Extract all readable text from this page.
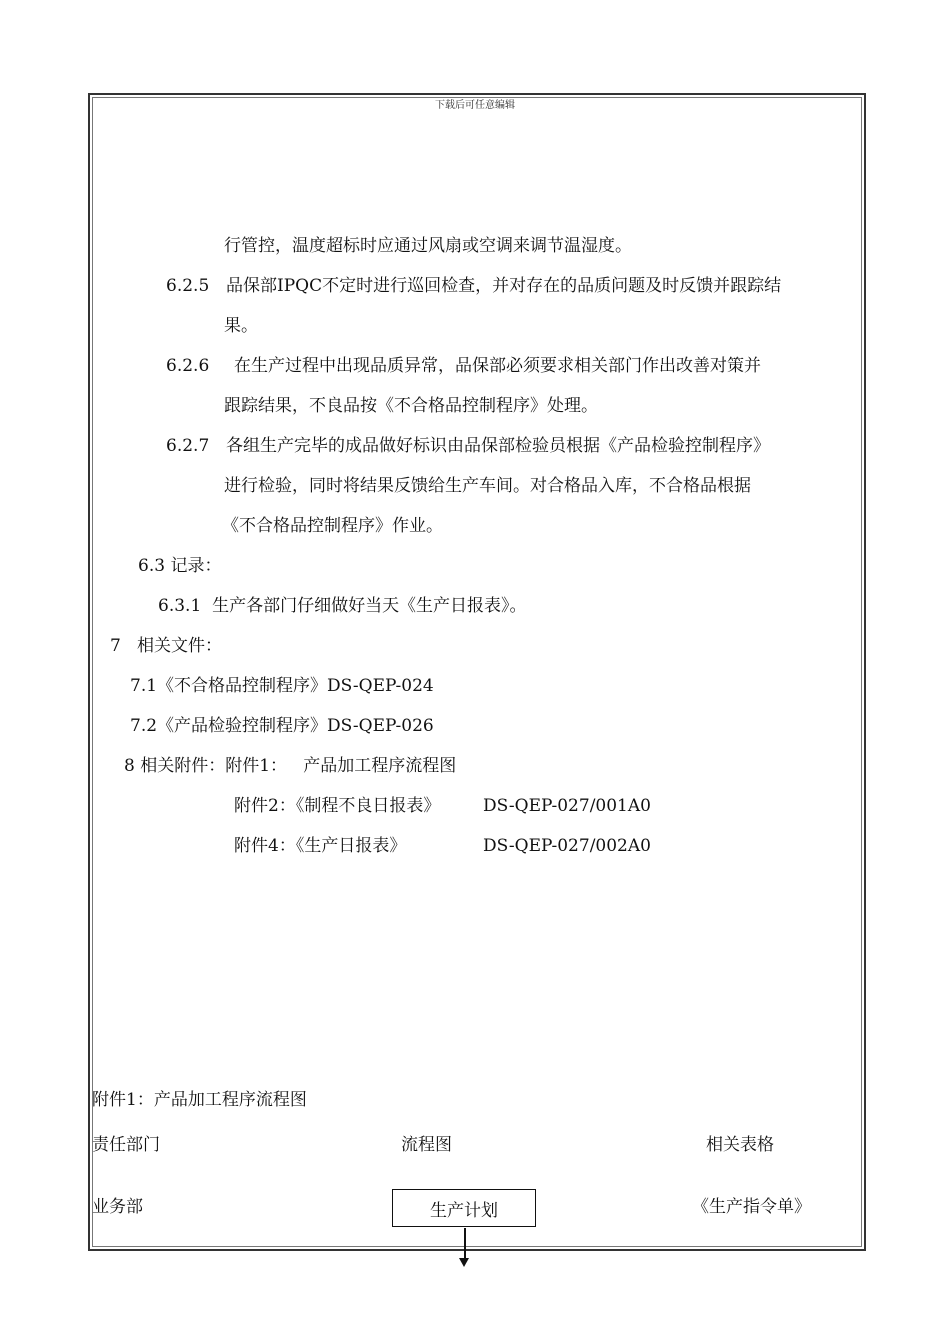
下载后可任意编辑
行管控，温度超标时应通过风扇或空调来调节温湿度。
6.2.5 品保部IPQC不定时进行巡回检查，并对存在的品质问题及时反馈并跟踪结
果。
6.2.6 在生产过程中出现品质异常，品保部必须要求相关部门作出改善对策并
跟踪结果，不良品按《不合格品控制程序》处理。
6.2.7 各组生产完毕的成品做好标识由品保部检验员根据《产品检验控制程序》
进行检验，同时将结果反馈给生产车间。对合格品入库，不合格品根据
《不合格品控制程序》作业。
6.3 记录：
6.3.1  生产各部门仔细做好当天《生产日报表》。
7   相关文件：
7.1《不合格品控制程序》DS-QEP-024
7.2《产品检验控制程序》DS-QEP-026
8 相关附件：附件1：   产品加工程序流程图
附件2：《制程不良日报表》	DS-QEP-027/001A0
附件4：《生产日报表》	DS-QEP-027/002A0
附件1：产品加工程序流程图
责任部门	流程图	相关表格
业务部	生产计划	《生产指令单》
